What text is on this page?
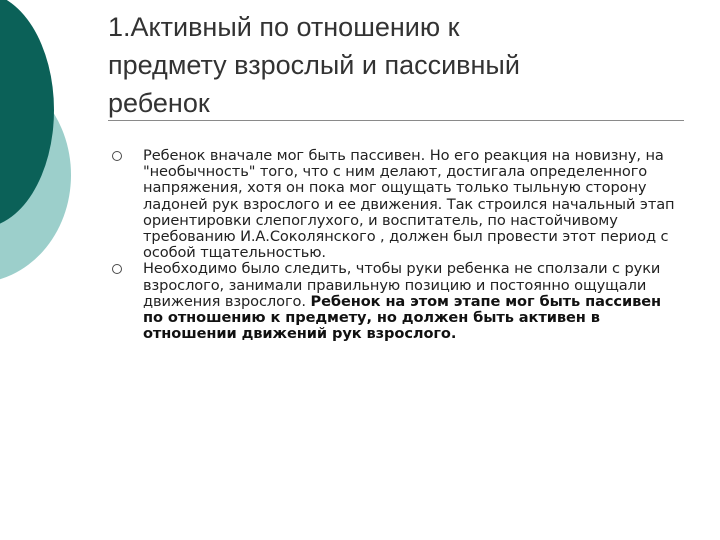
1.Активный по отношению к
предмету взрослый и пассивный
ребенок
Ребенок вначале мог быть пассивен. Но его реакция на новизну, на "необычность" того, что с ним делают, достигала определенного напряжения, хотя он пока мог ощущать только тыльную сторону ладоней рук взрослого и ее движения. Так строился начальный этап ориентировки слепоглухого, и воспитатель, по настойчивому требованию И.А.Соколянского , должен был провести этот период с особой тщательностью.
Необходимо было следить, чтобы руки ребенка не сползали с руки взрослого, занимали правильную позицию и постоянно ощущали движения взрослого. Ребенок на этом этапе мог быть пассивен по отношению к предмету, но должен быть активен в отношении движений рук взрослого.
